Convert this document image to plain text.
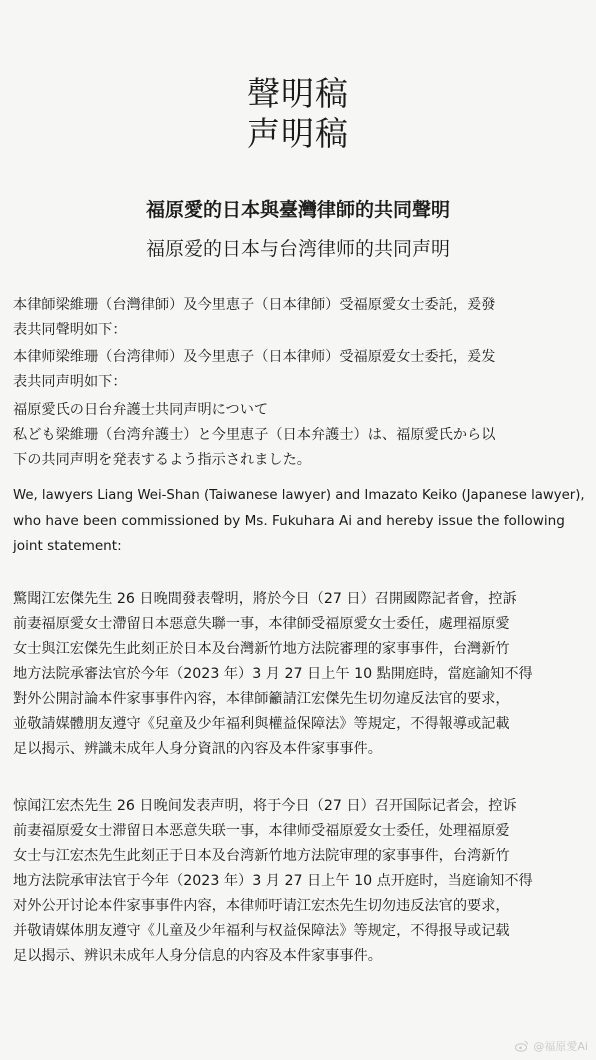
聲明稿
声明稿
福原愛的日本與臺灣律師的共同聲明
福原爱的日本与台湾律师的共同声明
本律師梁維珊（台灣律師）及今里恵子（日本律師）受福原愛女士委託，爰發
表共同聲明如下：
本律师梁维珊（台湾律师）及今里恵子（日本律师）受福原爱女士委托，爰发
表共同声明如下：
福原愛氏の日台弁護士共同声明について
私ども梁維珊（台湾弁護士）と今里恵子（日本弁護士）は、福原愛氏から以
下の共同声明を発表するよう指示されました。
We, lawyers Liang Wei-Shan (Taiwanese lawyer) and Imazato Keiko (Japanese lawyer),
who have been commissioned by Ms. Fukuhara Ai and hereby issue the following
joint statement:
驚聞江宏傑先生 26 日晚間發表聲明，將於今日（27 日）召開國際記者會，控訴
前妻福原愛女士滯留日本惡意失聯一事，本律師受福原愛女士委任，處理福原愛
女士與江宏傑先生此刻正於日本及台灣新竹地方法院審理的家事事件，台灣新竹
地方法院承審法官於今年（2023 年）3 月 27 日上午 10 點開庭時，當庭諭知不得
對外公開討論本件家事事件內容，本律師籲請江宏傑先生切勿違反法官的要求，
並敬請媒體朋友遵守《兒童及少年福利與權益保障法》等規定，不得報導或記載
足以揭示、辨識未成年人身分資訊的內容及本件家事事件。
惊闻江宏杰先生 26 日晚间发表声明，将于今日（27 日）召开国际记者会，控诉
前妻福原爱女士滞留日本恶意失联一事，本律师受福原爱女士委任，处理福原爱
女士与江宏杰先生此刻正于日本及台湾新竹地方法院审理的家事事件，台湾新竹
地方法院承审法官于今年（2023 年）3 月 27 日上午 10 点开庭时，当庭谕知不得
对外公开讨论本件家事事件内容，本律师吁请江宏杰先生切勿违反法官的要求，
并敬请媒体朋友遵守《儿童及少年福利与权益保障法》等规定，不得报导或记载
足以揭示、辨识未成年人身分信息的内容及本件家事事件。
@福原愛Ai
